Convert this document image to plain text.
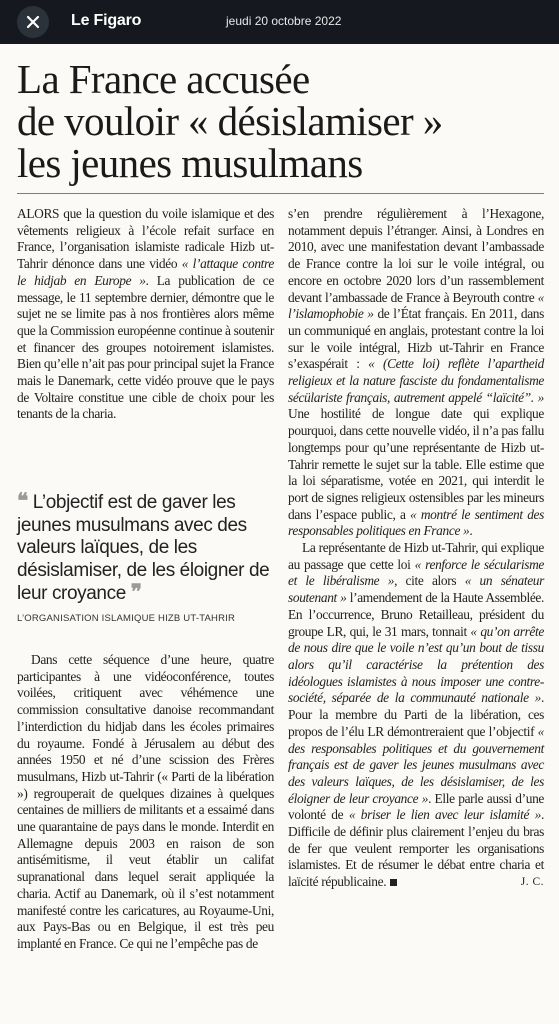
Le Figaro	jeudi 20 octobre 2022
La France accusée
de vouloir « désislamiser »
les jeunes musulmans

ALORS que la question du voile islamique et des vêtements religieux à l’école refait surface en France, l’organisation islamiste radicale Hizb ut-Tahrir dénonce dans une vidéo « l’attaque contre le hidjab en Europe ». La publication de ce message, le 11 septembre dernier, démontre que le sujet ne se limite pas à nos frontières alors même que la Commission européenne continue à soutenir et financer des groupes notoirement islamistes. Bien qu’elle n’ait pas pour principal sujet la France mais le Danemark, cette vidéo prouve que le pays de Voltaire constitue une cible de choix pour les tenants de la charia.

❝ L’objectif est de gaver les jeunes musulmans avec des valeurs laïques, de les désislamiser, de les éloigner de leur croyance ❞

L’ORGANISATION ISLAMIQUE HIZB UT-TAHRIR

Dans cette séquence d’une heure, quatre participantes à une vidéoconférence, toutes voilées, critiquent avec véhémence une commission consultative danoise recommandant l’interdiction du hidjab dans les écoles primaires du royaume. Fondé à Jérusalem au début des années 1950 et né d’une scission des Frères musulmans, Hizb ut-Tahrir (« Parti de la libération ») regrouperait de quelques dizaines à quelques centaines de milliers de militants et a essaimé dans une quarantaine de pays dans le monde. Interdit en Allemagne depuis 2003 en raison de son antisémitisme, il veut établir un califat supranational dans lequel serait appliquée la charia. Actif au Danemark, où il s’est notamment manifesté contre les caricatures, au Royaume-Uni, aux Pays-Bas ou en Belgique, il est très peu implanté en France. Ce qui ne l’empêche pas de

s’en prendre régulièrement à l’Hexagone, notamment depuis l’étranger. Ainsi, à Londres en 2010, avec une manifestation devant l’ambassade de France contre la loi sur le voile intégral, ou encore en octobre 2020 lors d’un rassemblement devant l’ambassade de France à Beyrouth contre « l’islamophobie » de l’État français. En 2011, dans un communiqué en anglais, protestant contre la loi sur le voile intégral, Hizb ut-Tahrir en France s’exaspérait : « (Cette loi) reflète l’apartheid religieux et la nature fasciste du fondamentalisme sécülariste français, autrement appelé “laïcité”. » Une hostilité de longue date qui explique pourquoi, dans cette nouvelle vidéo, il n’a pas fallu longtemps pour qu’une représentante de Hizb ut-Tahrir remette le sujet sur la table. Elle estime que la loi séparatisme, votée en 2021, qui interdit le port de signes religieux ostensibles par les mineurs dans l’espace public, a « montré le sentiment des responsables politiques en France ».

La représentante de Hizb ut-Tahrir, qui explique au passage que cette loi « renforce le sécularisme et le libéralisme », cite alors « un sénateur soutenant » l’amendement de la Haute Assemblée. En l’occurrence, Bruno Retailleau, président du groupe LR, qui, le 31 mars, tonnait « qu’on arrête de nous dire que le voile n’est qu’un bout de tissu alors qu’il caractérise la prétention des idéologues islamistes à nous imposer une contre-société, séparée de la communauté nationale ». Pour la membre du Parti de la libération, ces propos de l’élu LR démontreraient que l’objectif « des responsables politiques et du gouvernement français est de gaver les jeunes musulmans avec des valeurs laïques, de les désislamiser, de les éloigner de leur croyance ». Elle parle aussi d’une volonté de « briser le lien avec leur islamité ». Difficile de définir plus clairement l’enjeu du bras de fer que veulent remporter les organisations islamistes. Et de résumer le débat entre charia et laïcité républicaine.	J. C.
